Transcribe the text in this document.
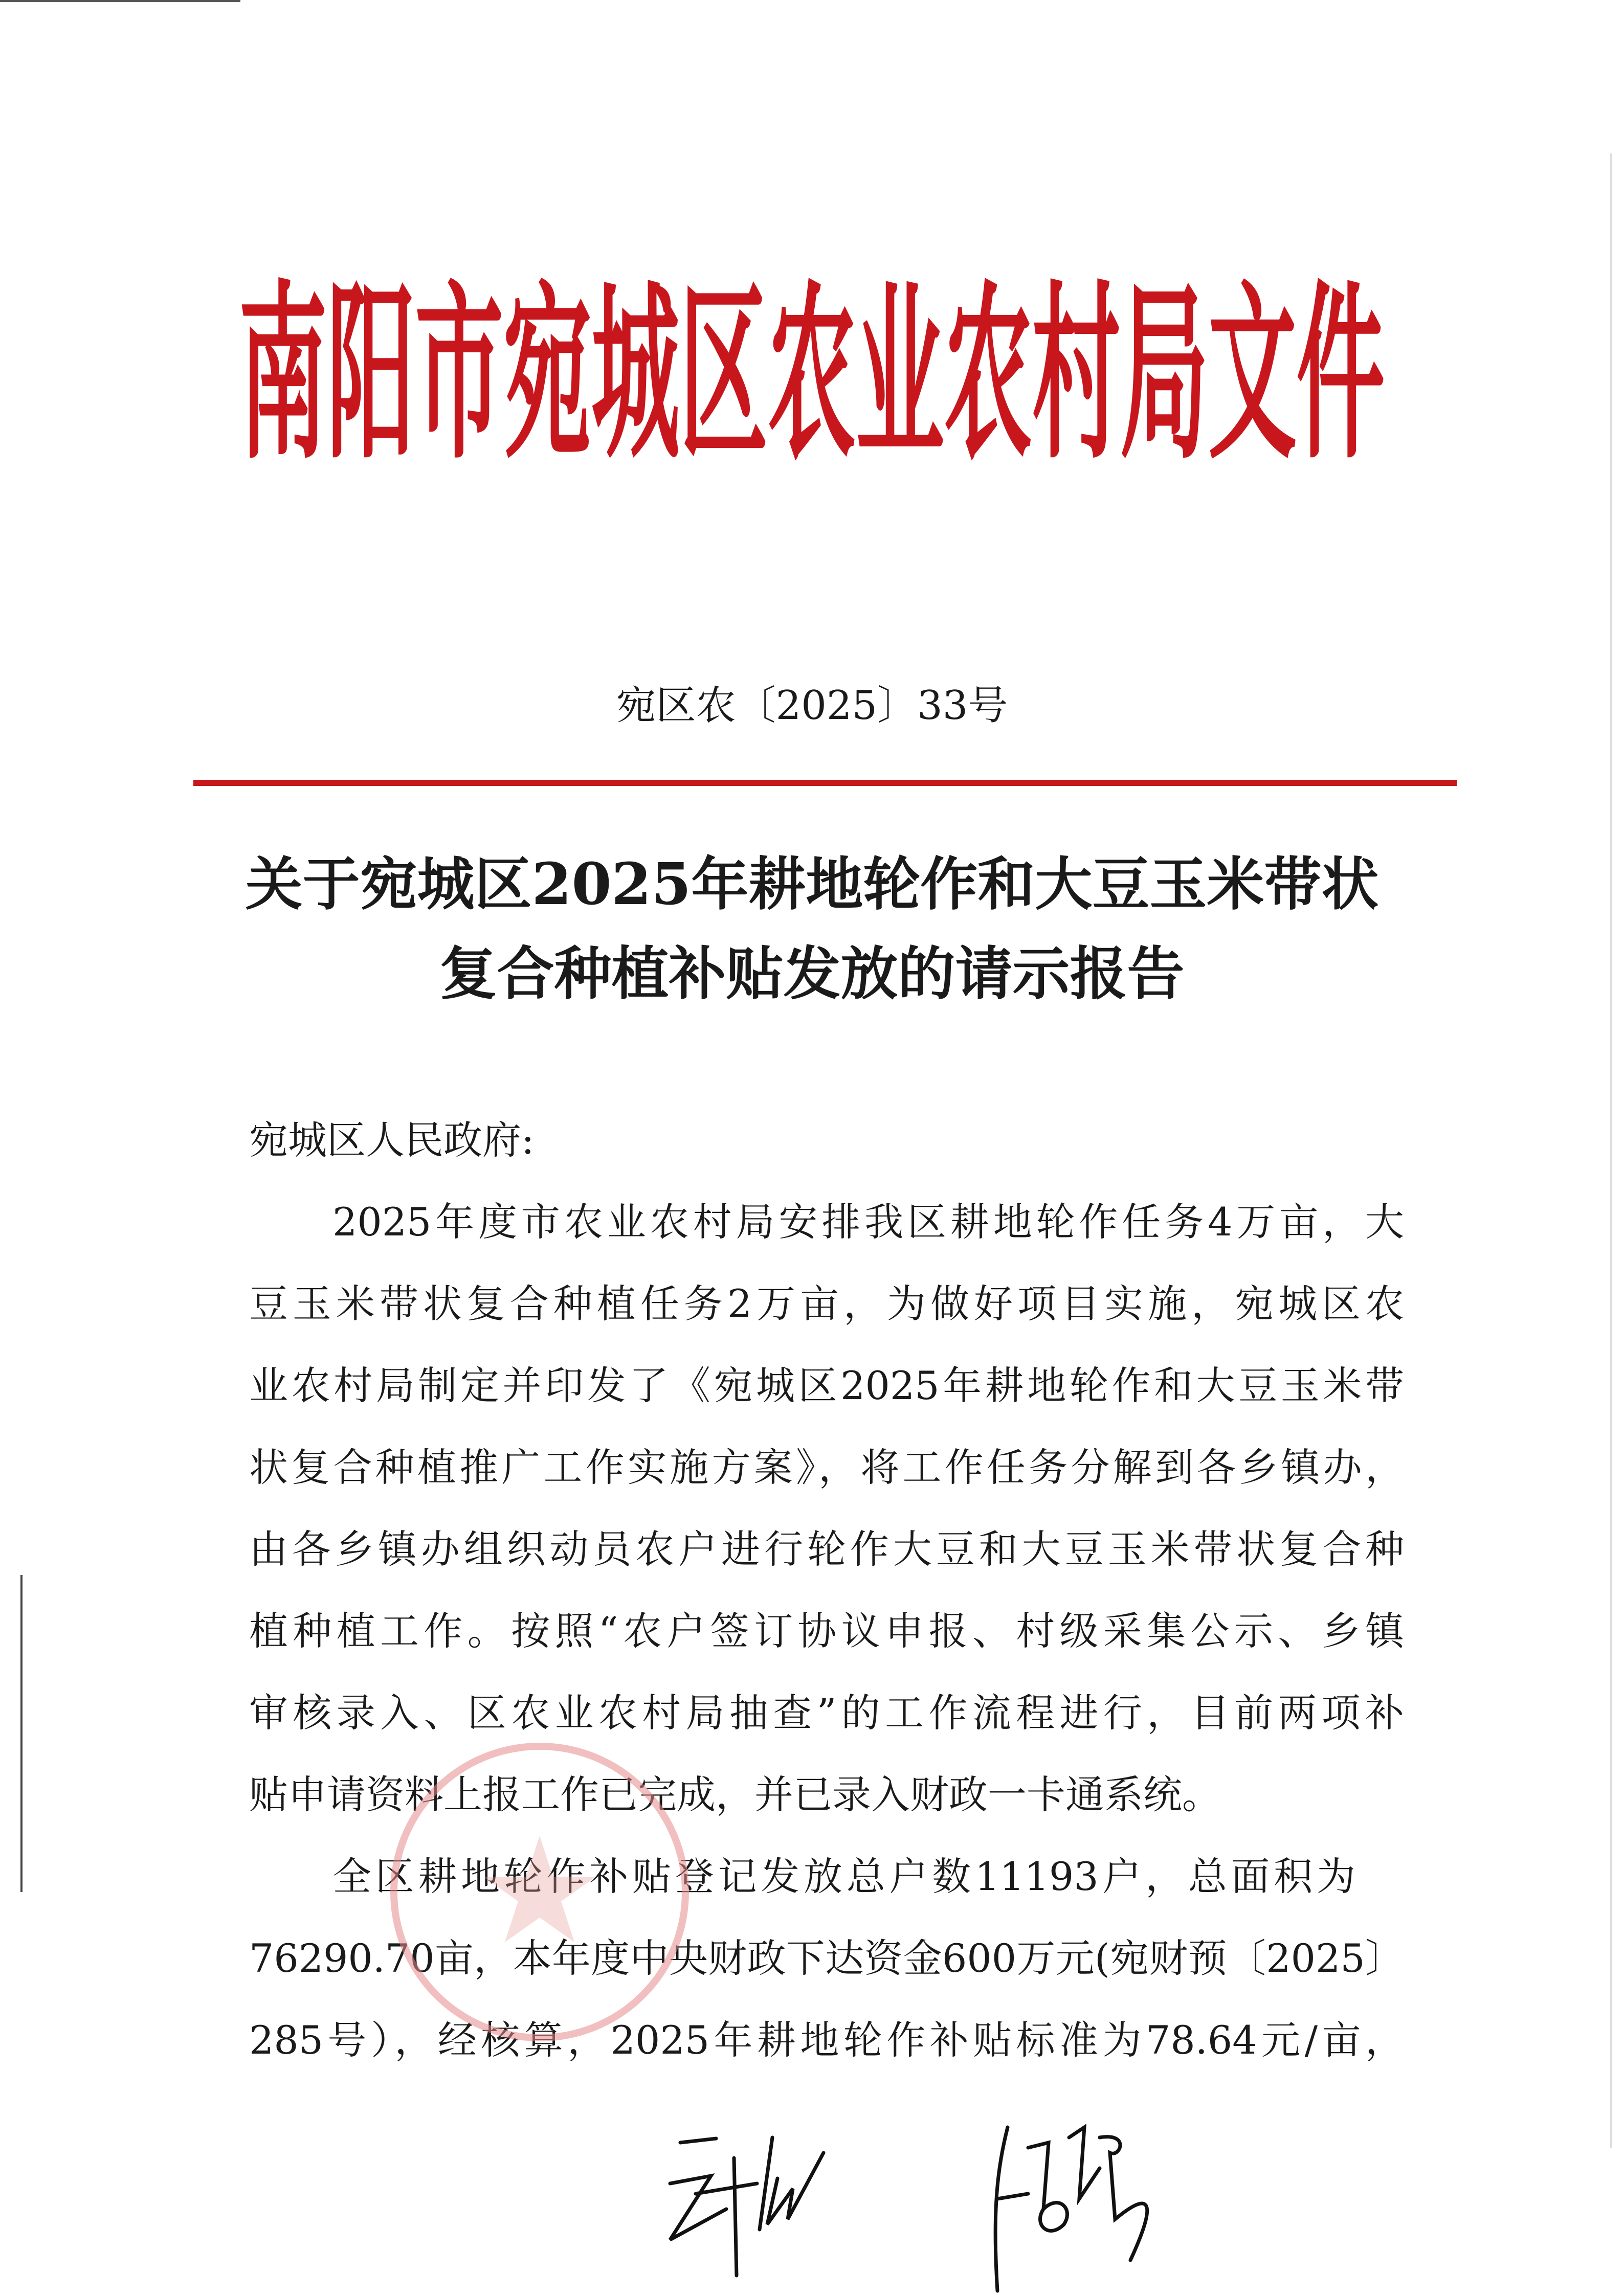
南阳市宛城区农业农村局文件
宛区农〔2025〕33号
关于宛城区2025年耕地轮作和大豆玉米带状
复合种植补贴发放的请示报告
宛城区人民政府:
2025年度市农业农村局安排我区耕地轮作任务4万亩，大
豆玉米带状复合种植任务2万亩，为做好项目实施，宛城区农
业农村局制定并印发了《宛城区2025年耕地轮作和大豆玉米带
状复合种植推广工作实施方案》，将工作任务分解到各乡镇办，
由各乡镇办组织动员农户进行轮作大豆和大豆玉米带状复合种
植种植工作。按照“农户签订协议申报、村级采集公示、乡镇
审核录入、区农业农村局抽查”的工作流程进行，目前两项补
贴申请资料上报工作已完成，并已录入财政一卡通系统。
全区耕地轮作补贴登记发放总户数11193户，总面积为
76290.70亩，本年度中央财政下达资金600万元(宛财预〔2025〕
285号），经核算，2025年耕地轮作补贴标准为78.64元/亩，
